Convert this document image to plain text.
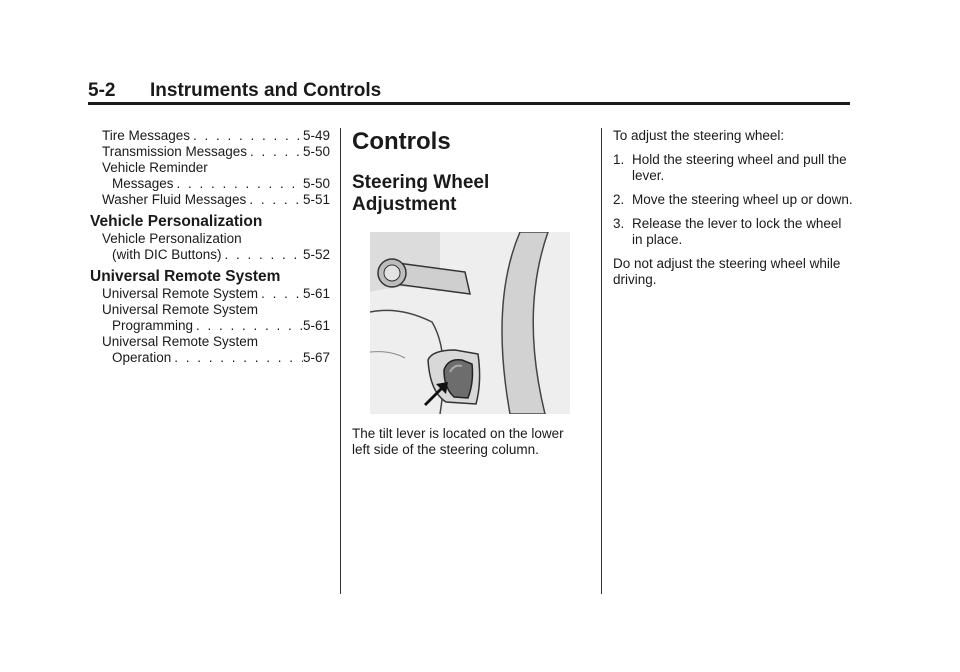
5-2 Instruments and Controls
Tire Messages . . .	5-49
Transmission Messages . . .	5-50
Vehicle Reminder
Messages . . .	5-50
Washer Fluid Messages . . .	5-51
Vehicle Personalization
Vehicle Personalization
(with DIC Buttons) . . .	5-52
Universal Remote System
Universal Remote System . . .	5-61
Universal Remote System
Programming . . .	5-61
Universal Remote System
Operation . . .	5-67
Controls
Steering Wheel
Adjustment
The tilt lever is located on the lower left side of the steering column.

To adjust the steering wheel:

1. Hold the steering wheel and pull the lever.
2. Move the steering wheel up or down.
3. Release the lever to lock the wheel in place.

Do not adjust the steering wheel while driving.
